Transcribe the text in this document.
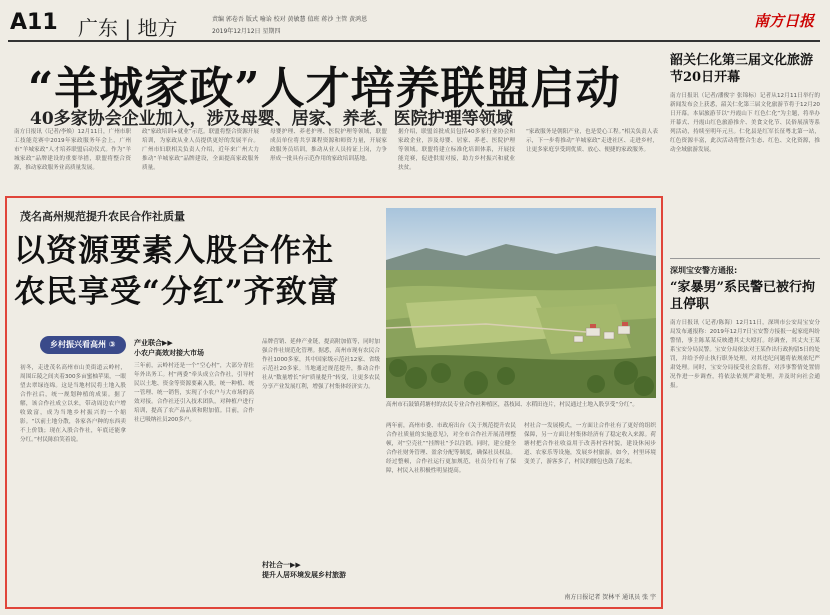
A11 广东 | 地方	责编 郭卷吾 版式 喻诒 校对 黄敏慧 值班 蒋沙 主管 黄鸿恩
2019年12月12日 星期四
南方日报
“羊城家政”人才培养联盟启动
40多家协会企业加入，涉及母婴、居家、养老、医院护理等领域
南方日报讯（记者/李焕）12月11日，广州市职工技能竞赛中2019年家政服务年会上，广州市“羊城家政”人才培养联盟启动仪式。作为“羊城家政”品牌建设的重要举措，联盟将整合资源，推动家政服务业高质量发展。
政“家政培训+就业”示范。联盟将整合资源开展培训，为家政从业人员提供更好的发展平台。广州市妇联相关负责人介绍，近年来广州大力推动“羊城家政”品牌建设，全面提高家政服务质量。
母婴护理、养老护理、医院护理等领域，联盟成员单位将共享课程资源和师资力量，开展家政服务员培训，推动从业人员持证上岗，力争形成一批具有示范作用的家政培训基地。
据介绍，联盟首批成员包括40多家行业协会和家政企业，涉及母婴、居家、养老、医院护理等领域。联盟将建立标准化培训体系，开展技能竞赛，促进供需对接，助力乡村振兴和就业扶贫。
“家政服务是朝阳产业，也是爱心工程。”相关负责人表示，下一步将推动“羊城家政”走进社区、走进乡村，让更多家庭享受到优质、放心、便捷的家政服务。
韶关仁化第三届文化旅游节20日开幕
南方日报讯（记者/潘俊宇 张锦标）记者从12月11日举行的新闻发布会上获悉，韶关仁化第三届文化旅游节将于12月20日开幕。本届旅游节以“丹霞山下 红色仁化”为主题，将举办开幕式、丹霞山红色旅游推介、美食文化节、民俗展演等系列活动，持续至明年元旦。仁化县是红军长征粤北第一站，红色资源丰富，此次活动将整合生态、红色、文化资源，推动全域旅游发展。
深圳宝安警方通报:
“家暴男”系民警已被行拘且停职
南方日报讯（记者/陈海）12月11日，深圳市公安局宝安分局发布通报称：2019年12月7日宝安警方接报一起家庭纠纷警情，事主陈某某反映遭其丈夫殴打。经调查，其丈夫王某系宝安分局民警。宝安分局依法对王某作出行政拘留5日的处罚，并给予停止执行职务处理，对其违纪问题将依规依纪严肃处理。同时，宝安分局接受社会监督，对涉事警情处置情况作进一步调查，将依法依规严肃处理，并及时向社会通报。
茂名高州规范提升农民合作社质量
以资源要素入股合作社
农民享受“分红”齐致富
乡村振兴看高州 ③
高州市石鼓镇荷塘村的农民专业合作社种植区，荔枝园、水稻田连片，村民通过土地入股享受“分红”。
初冬，走进茂名高州市山美街道云岭村，周围丘陵之间夹着300多亩蜜柚苹果，一眼望去翠绿连绵。这是当地村民将土地入股合作社后，统一规划种植的成果。据了解，该合作社成立以来，带动周边农户增收致富，成为当地乡村振兴的一个缩影。“以前土地分散，各家各户种的东西卖不上价钱；现在入股合作社，年底还能拿分红。”村民陈伯笑着说。
产业联合▶▶
小农户高效对接大市场
三年前，云岭村还是一个“空心村”，大部分青壮年外出务工。村“两委”牵头成立合作社，引导村民以土地、资金等资源要素入股，统一种植、统一管理、统一销售，实现了小农户与大市场的高效对接。合作社还引入技术团队，对种植户进行培训，提高了农产品品质和附加值。目前，合作社已吸纳社员200多户。
品牌营销、延伸产业链，提高附加值等，同时加强合作社规范化管理。据悉，高州市现有农民合作社1000多家，其中国家级示范社12家、省级示范社20多家。当地通过规范提升，推动合作社从“数量增长”向“质量提升”转变，让更多农民分享产业发展红利，增强了村集体经济实力。
村社合一▶▶
提升人居环境发展乡村旅游
两年前，高州市委、市政府出台《关于规范提升农民合作社质量的实施意见》，对全市合作社开展清理整顿，对“空壳社”“挂牌社”予以注销。同时，建立健全合作社财务管理、盈余分配等制度，确保社员权益。经过整顿，合作社运行更加规范，社员分红有了保障，村民入社积极性明显提高。
村社合一发展模式，一方面让合作社有了更好的组织保障，另一方面让村集体经济有了稳定收入来源。荷塘村把合作社收益用于改善村容村貌，建设休闲步道、农家乐等设施，发展乡村旅游。如今，村里环境变美了，游客多了，村民的腰包也鼓了起来。
南方日报记者 贺林平 通讯员 张 宇
